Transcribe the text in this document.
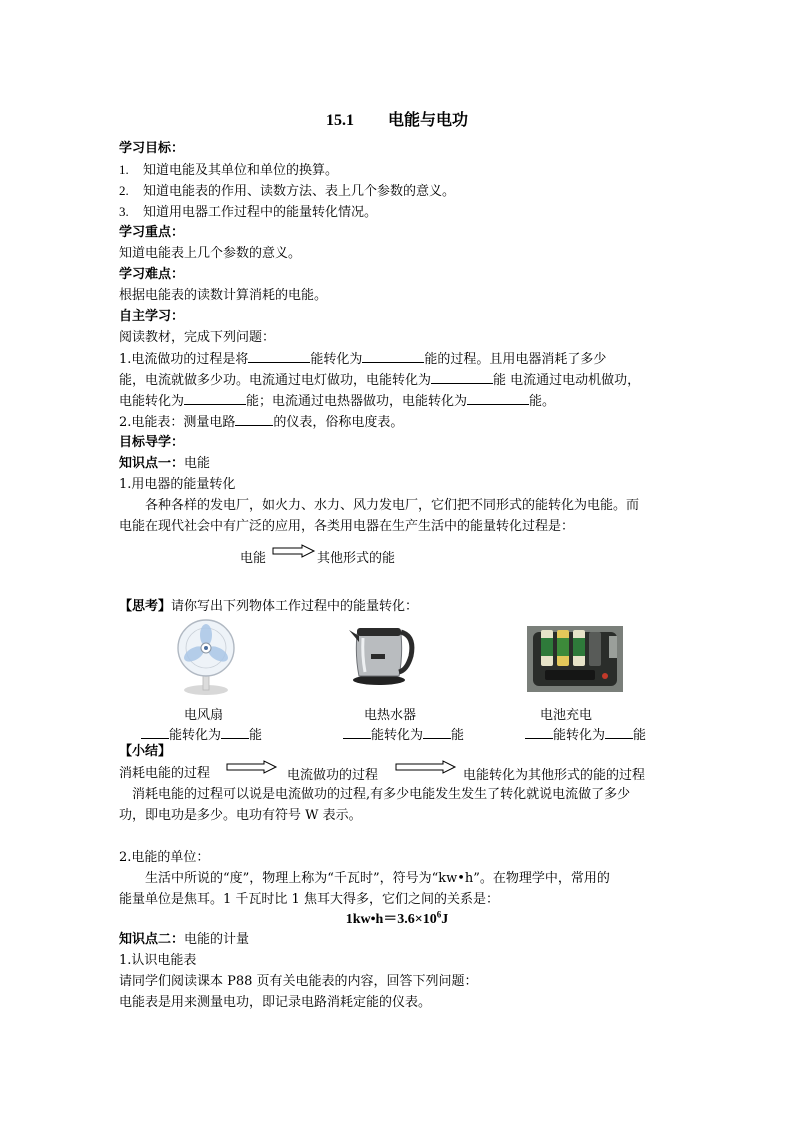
15.1 电能与电功
学习目标：
1. 知道电能及其单位和单位的换算。
2. 知道电能表的作用、读数方法、表上几个参数的意义。
3. 知道用电器工作过程中的能量转化情况。
学习重点：
知道电能表上几个参数的意义。
学习难点：
根据电能表的读数计算消耗的电能。
自主学习：
阅读教材，完成下列问题：
1.电流做功的过程是将	能转化为	能的过程。且用电器消耗了多少
能，电流就做多少功。电流通过电灯做功，电能转化为	能 电流通过电动机做功，
电能转化为	能；电流通过电热器做功，电能转化为	能。
2.电能表：测量电路	的仪表，俗称电度表。
目标导学：
知识点一：电能
1.用电器的能量转化
各种各样的发电厂，如火力、水力、风力发电厂，它们把不同形式的能转化为电能。而
电能在现代社会中有广泛的应用，各类用电器在生产生活中的能量转化过程是：
电能	其他形式的能
【思考】请你写出下列物体工作过程中的能量转化：
电风扇	电热水器	电池充电
能转化为 能	能转化为 能	能转化为 能
【小结】
消耗电能的过程	电流做功的过程	电能转化为其他形式的能的过程
消耗电能的过程可以说是电流做功的过程,有多少电能发生发生了转化就说电流做了多少
功，即电功是多少。电功有符号 W 表示。
2.电能的单位：
生活中所说的“度”，物理上称为“千瓦时”，符号为“kw•h”。在物理学中，常用的
能量单位是焦耳。1 千瓦时比 1 焦耳大得多，它们之间的关系是：
$1kw•h=3.6\times 10^6J$
知识点二：电能的计量
1.认识电能表
请同学们阅读课本 P88 页有关电能表的内容，回答下列问题：
电能表是用来测量电功，即记录电路消耗定能的仪表。
